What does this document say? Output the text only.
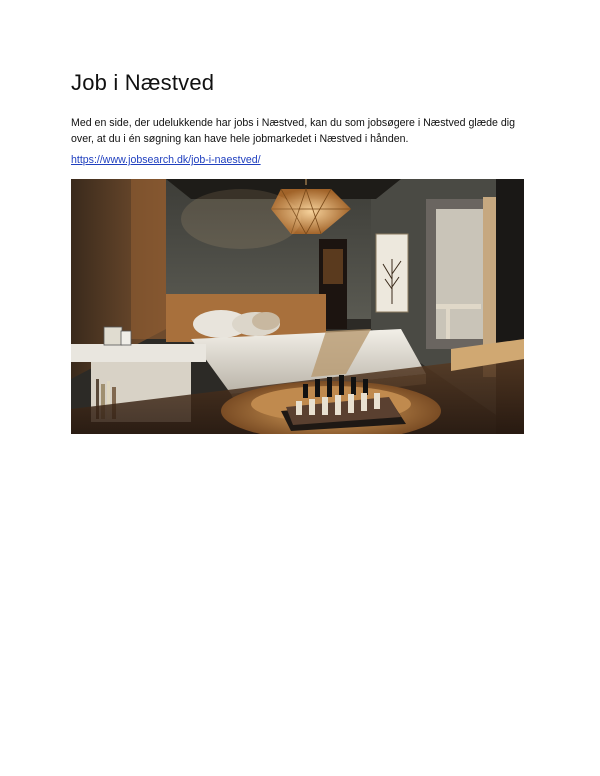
Job i Næstved

Med en side, der udelukkende har jobs i Næstved, kan du som jobsøgere i Næstved glæde dig over, at du i én søgning kan have hele jobmarkedet i Næstved i hånden.

https://www.jobsearch.dk/job-i-naestved/
